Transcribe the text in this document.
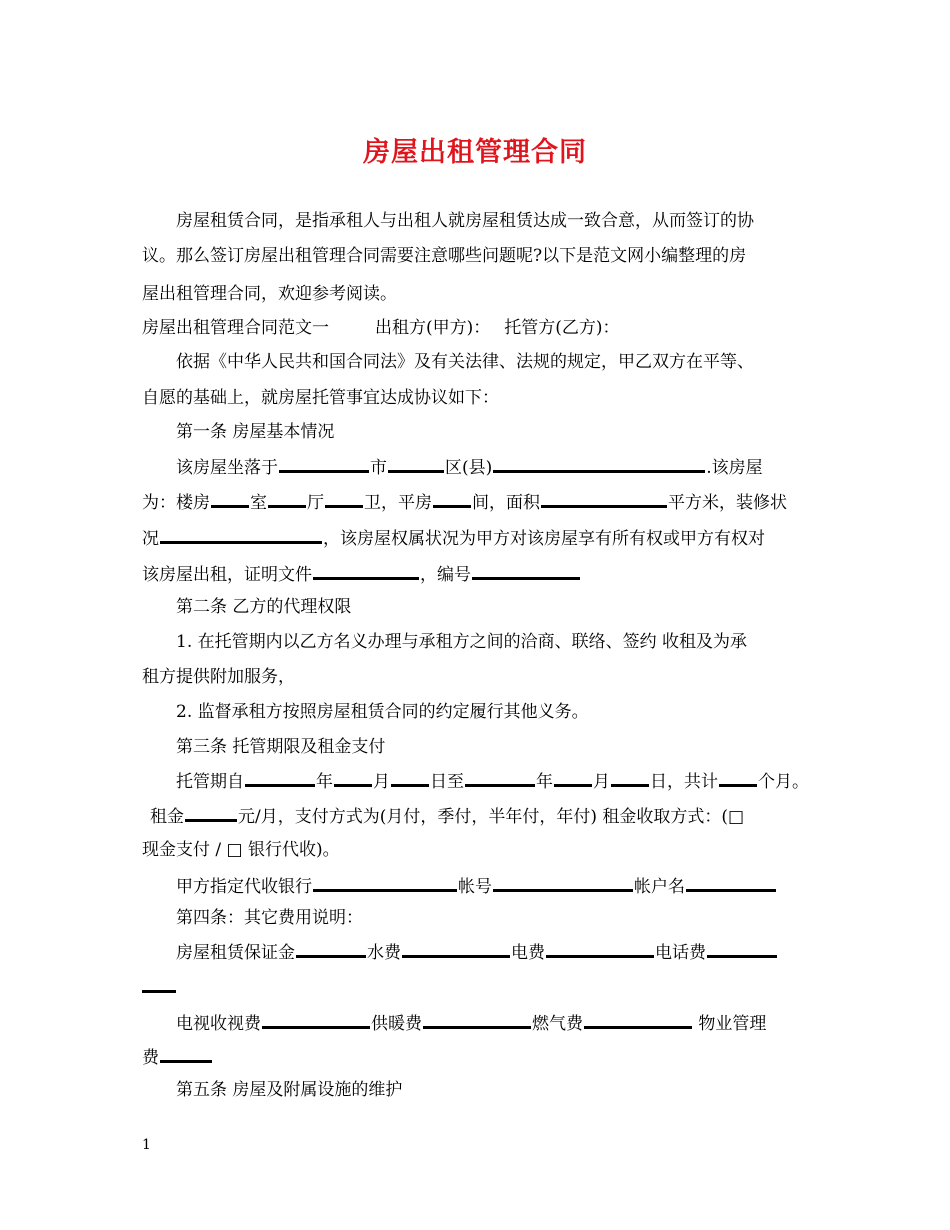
房屋出租管理合同
房屋租赁合同，是指承租人与出租人就房屋租赁达成一致合意，从而签订的协
议。那么签订房屋出租管理合同需要注意哪些问题呢?以下是范文网小编整理的房
屋出租管理合同，欢迎参考阅读。
房屋出租管理合同范文一	出租方(甲方)： 托管方(乙方)：
依据《中华人民共和国合同法》及有关法律、法规的规定，甲乙双方在平等、
自愿的基础上，就房屋托管事宜达成协议如下：
第一条 房屋基本情况
该房屋坐落于	市	区(县)	.该房屋
为：楼房 室 厅 卫，平房 间，面积	平方米，装修状
况	，该房屋权属状况为甲方对该房屋享有所有权或甲方有权对
该房屋出租，证明文件	，编号
第二条 乙方的代理权限
1. 在托管期内以乙方名义办理与承租方之间的洽商、联络、签约 收租及为承
租方提供附加服务，
2. 监督承租方按照房屋租赁合同的约定履行其他义务。
第三条 托管期限及租金支付
托管期自	年 月 日至	年 月 日，共计 个月。
租金	元/月，支付方式为(月付，季付，半年付，年付) 租金收取方式：(□
现金支付 / □ 银行代收)。
甲方指定代收银行	帐号	帐户名
第四条：其它费用说明：
房屋租赁保证金	水费	电费	电话费
电视收视费	供暖费	燃气费	物业管理
费
第五条 房屋及附属设施的维护
1
